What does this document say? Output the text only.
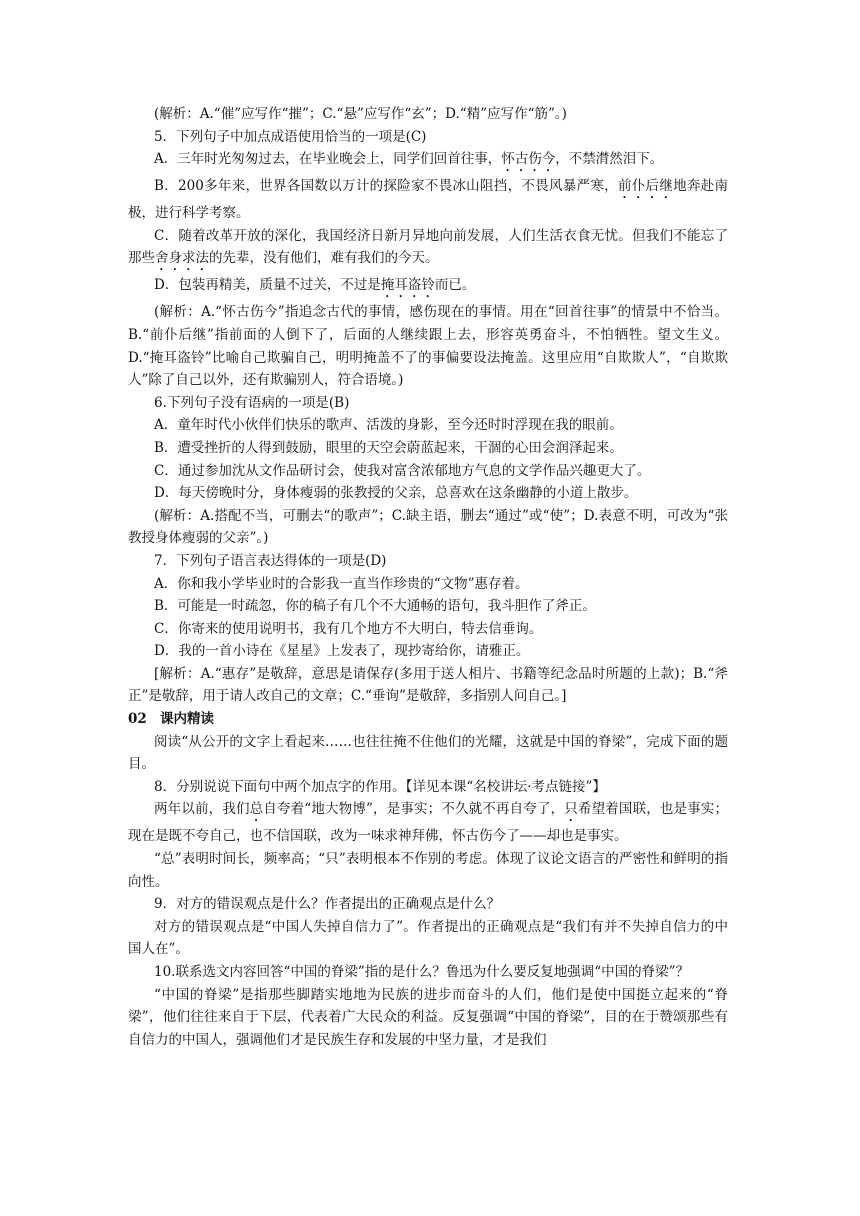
(解析：A.“催”应写作“摧”；C.“悬”应写作“玄”；D.“精”应写作“筋”。)

5．下列句子中加点成语使用恰当的一项是(C)

A．三年时光匆匆过去，在毕业晚会上，同学们回首往事，怀古伤今，不禁潸然泪下。

B．200多年来，世界各国数以万计的探险家不畏冰山阻挡，不畏风暴严寒，前仆后继地奔赴南极，进行科学考察。

C．随着改革开放的深化，我国经济日新月异地向前发展，人们生活衣食无忧。但我们不能忘了那些舍身求法的先辈，没有他们，难有我们的今天。

D．包装再精美，质量不过关，不过是掩耳盗铃而已。

(解析：A.“怀古伤今”指追念古代的事情，感伤现在的事情。用在“回首往事”的情景中不恰当。B.“前仆后继”指前面的人倒下了，后面的人继续跟上去，形容英勇奋斗，不怕牺牲。望文生义。D.“掩耳盗铃”比喻自己欺骗自己，明明掩盖不了的事偏要设法掩盖。这里应用“自欺欺人”，“自欺欺人”除了自己以外，还有欺骗别人，符合语境。)

6.下列句子没有语病的一项是(B)

A．童年时代小伙伴们快乐的歌声、活泼的身影，至今还时时浮现在我的眼前。

B．遭受挫折的人得到鼓励，眼里的天空会蔚蓝起来，干涸的心田会润泽起来。

C．通过参加沈从文作品研讨会，使我对富含浓郁地方气息的文学作品兴趣更大了。

D．每天傍晚时分，身体瘦弱的张教授的父亲，总喜欢在这条幽静的小道上散步。

(解析：A.搭配不当，可删去“的歌声”；C.缺主语，删去“通过”或“使”；D.表意不明，可改为“张教授身体瘦弱的父亲”。)

7．下列句子语言表达得体的一项是(D)

A．你和我小学毕业时的合影我一直当作珍贵的“文物”惠存着。

B．可能是一时疏忽，你的稿子有几个不大通畅的语句，我斗胆作了斧正。

C．你寄来的使用说明书，我有几个地方不大明白，特去信垂询。

D．我的一首小诗在《星星》上发表了，现抄寄给你，请雅正。

[解析：A.“惠存”是敬辞，意思是请保存(多用于送人相片、书籍等纪念品时所题的上款)；B.“斧正”是敬辞，用于请人改自己的文章；C.“垂询”是敬辞，多指别人问自己。]

02 课内精读

阅读“从公开的文字上看起来……也往往掩不住他们的光耀，这就是中国的脊梁”，完成下面的题目。

8．分别说说下面句中两个加点字的作用。【详见本课“名校讲坛·考点链接”】

两年以前，我们总自夸着“地大物博”，是事实；不久就不再自夸了，只希望着国联，也是事实；现在是既不夸自己，也不信国联，改为一味求神拜佛，怀古伤今了——却也是事实。

“总”表明时间长，频率高；“只”表明根本不作别的考虑。体现了议论文语言的严密性和鲜明的指向性。

9．对方的错误观点是什么？作者提出的正确观点是什么？

对方的错误观点是“中国人失掉自信力了”。作者提出的正确观点是“我们有并不失掉自信力的中国人在”。

10.联系选文内容回答“中国的脊梁”指的是什么？鲁迅为什么要反复地强调“中国的脊梁”？

“中国的脊梁”是指那些脚踏实地地为民族的进步而奋斗的人们，他们是使中国挺立起来的“脊梁”，他们往往来自于下层，代表着广大民众的利益。反复强调“中国的脊梁”，目的在于赞颂那些有自信力的中国人，强调他们才是民族生存和发展的中坚力量，才是我们
